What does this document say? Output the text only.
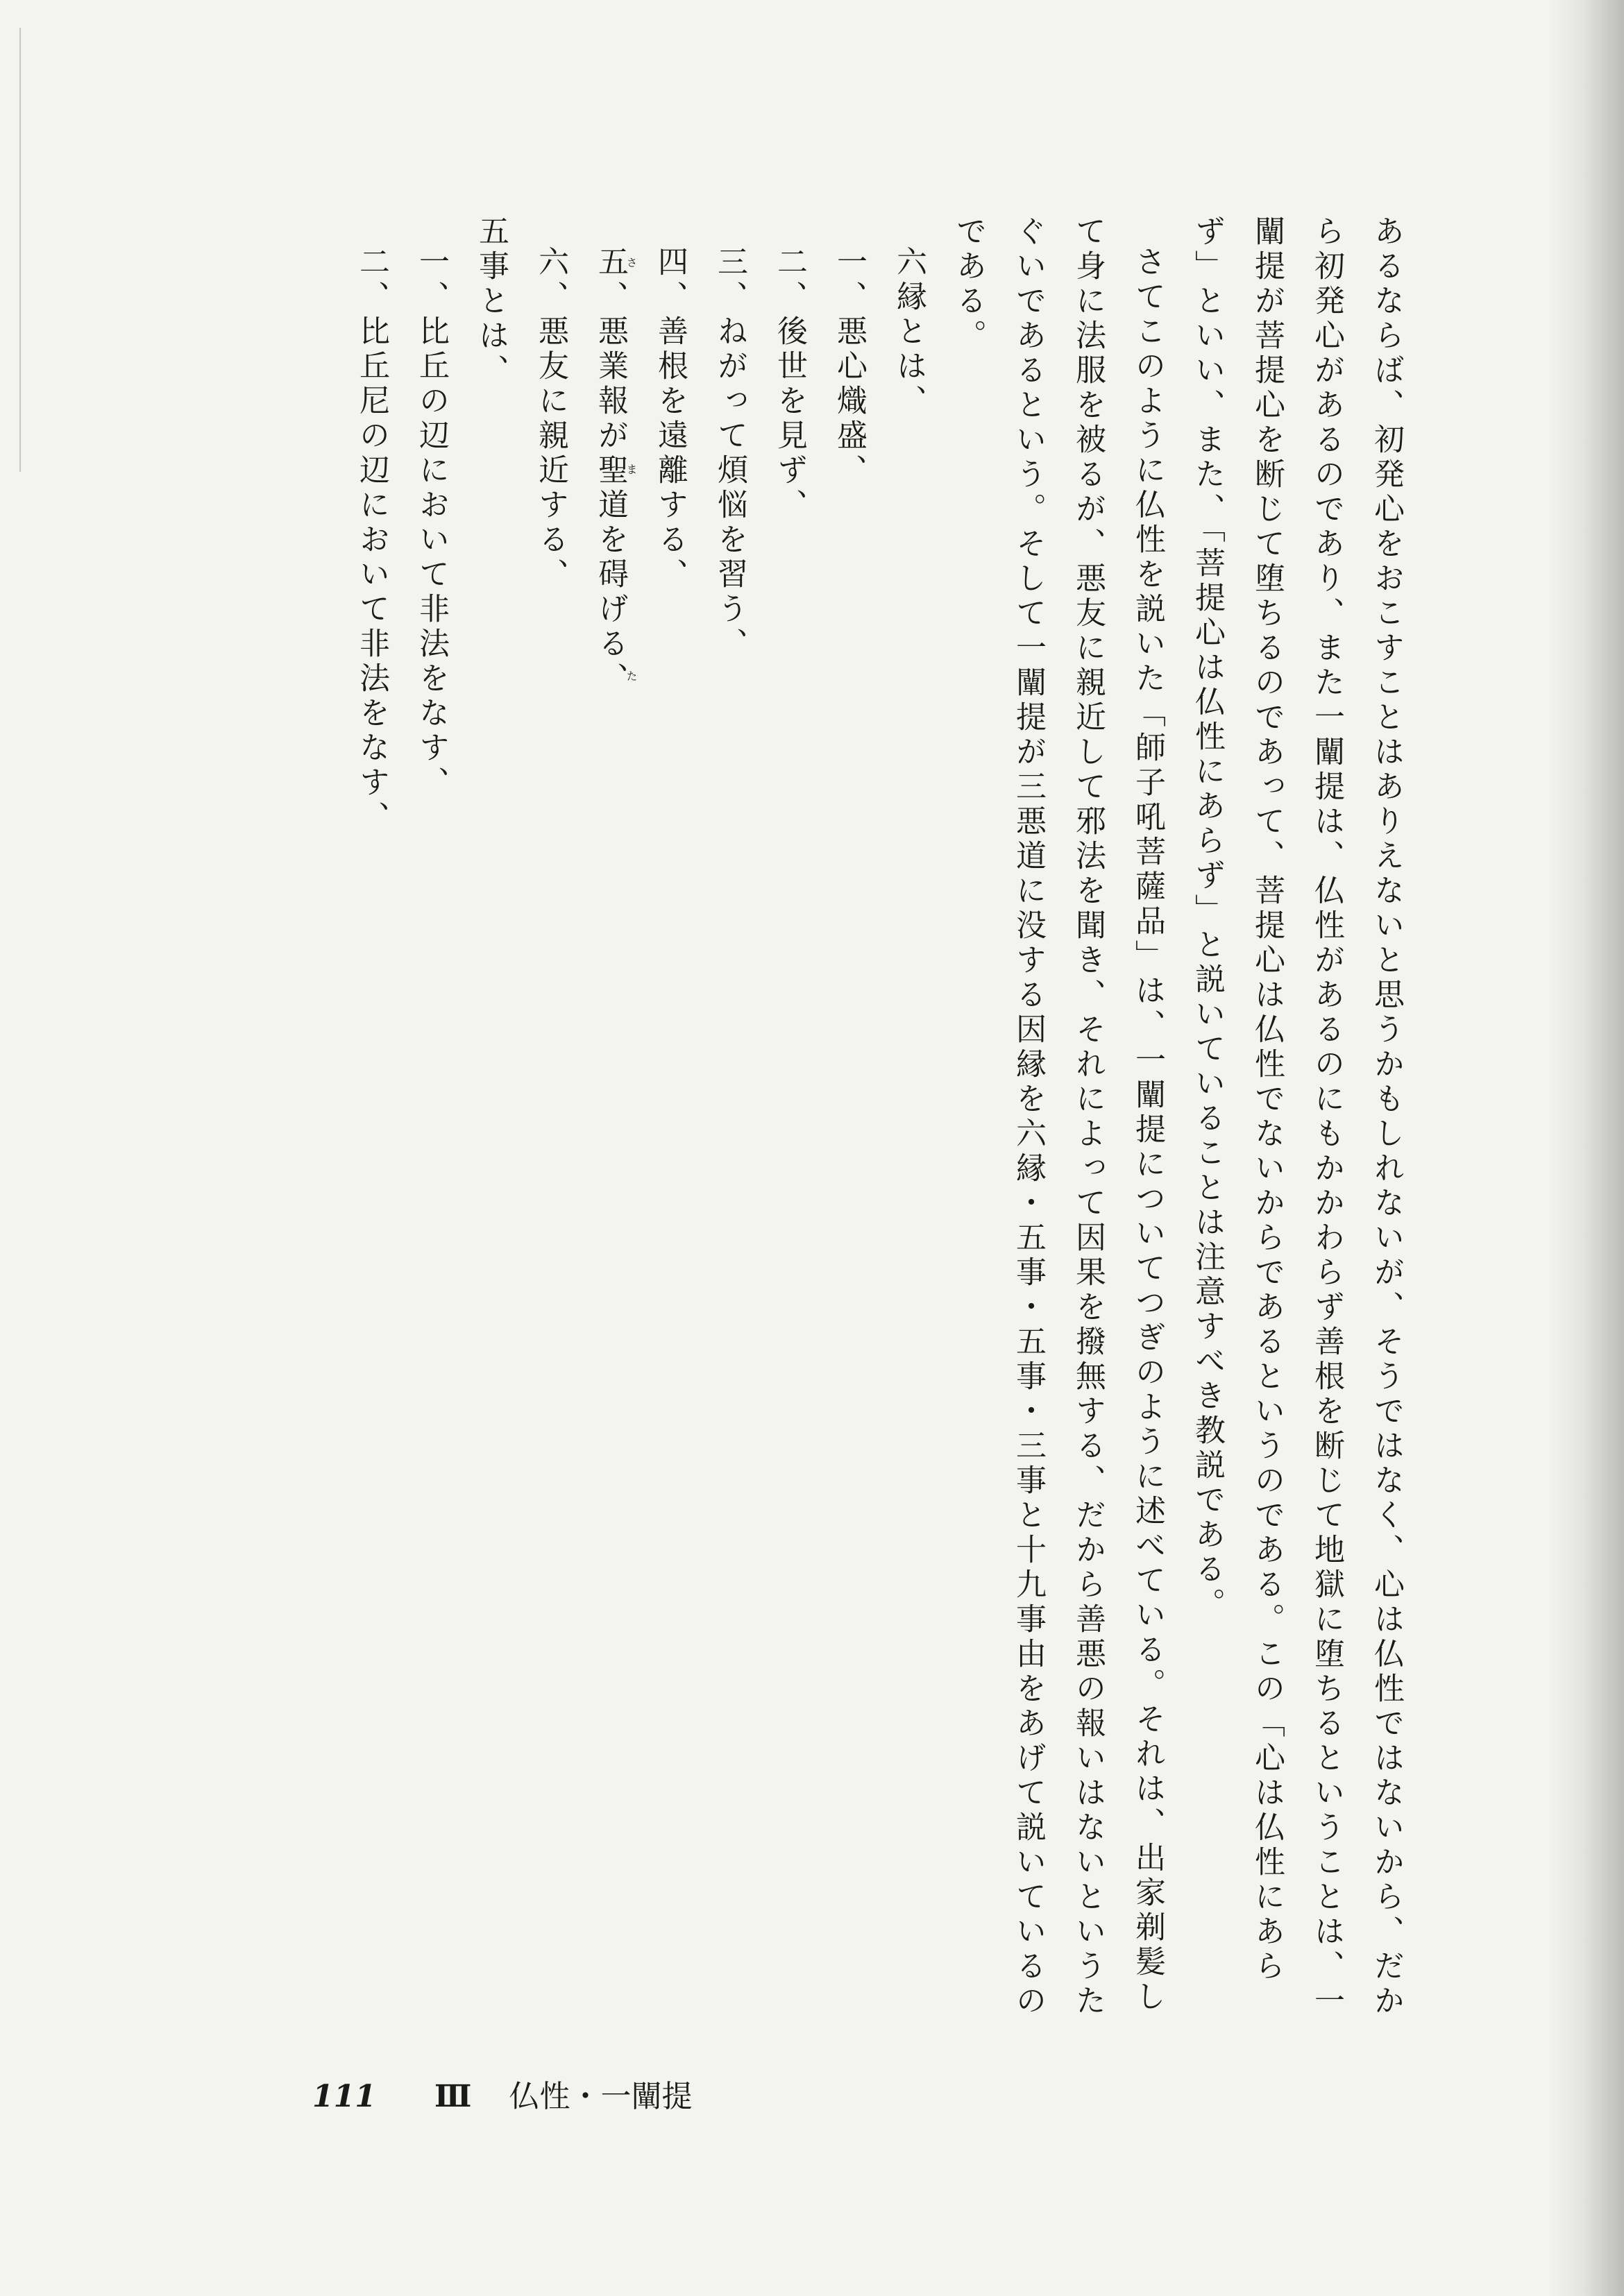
あるならば、初発心をおこすことはありえないと思うかもしれないが、そうではなく、心は仏性ではないから、だか
ら初発心があるのであり、また一闡提は、仏性があるのにもかかわらず善根を断じて地獄に堕ちるということは、一
闡提が菩提心を断じて堕ちるのであって、菩提心は仏性でないからであるというのである。この「心は仏性にあら
ず」といい、また、「菩提心は仏性にあらず」と説いていることは注意すべき教説である。
さてこのように仏性を説いた「師子吼菩薩品」は、一闡提についてつぎのように述べている。それは、出家剃髪し
て身に法服を被るが、悪友に親近して邪法を聞き、それによって因果を撥無する、だから善悪の報いはないというた
ぐいであるという。そして一闡提が三悪道に没する因縁を六縁・五事・五事・三事と十九事由をあげて説いているの
である。
六縁とは、
一、悪心熾盛、
二、後世を見ず、
三、ねがって煩悩を習う、
四、善根を遠離する、
五、悪業報が聖道を碍げる、さまた
六、悪友に親近する、
五事とは、
一、比丘の辺において非法をなす、
二、比丘尼の辺において非法をなす、
111 Ⅲ 仏性・一闡提
